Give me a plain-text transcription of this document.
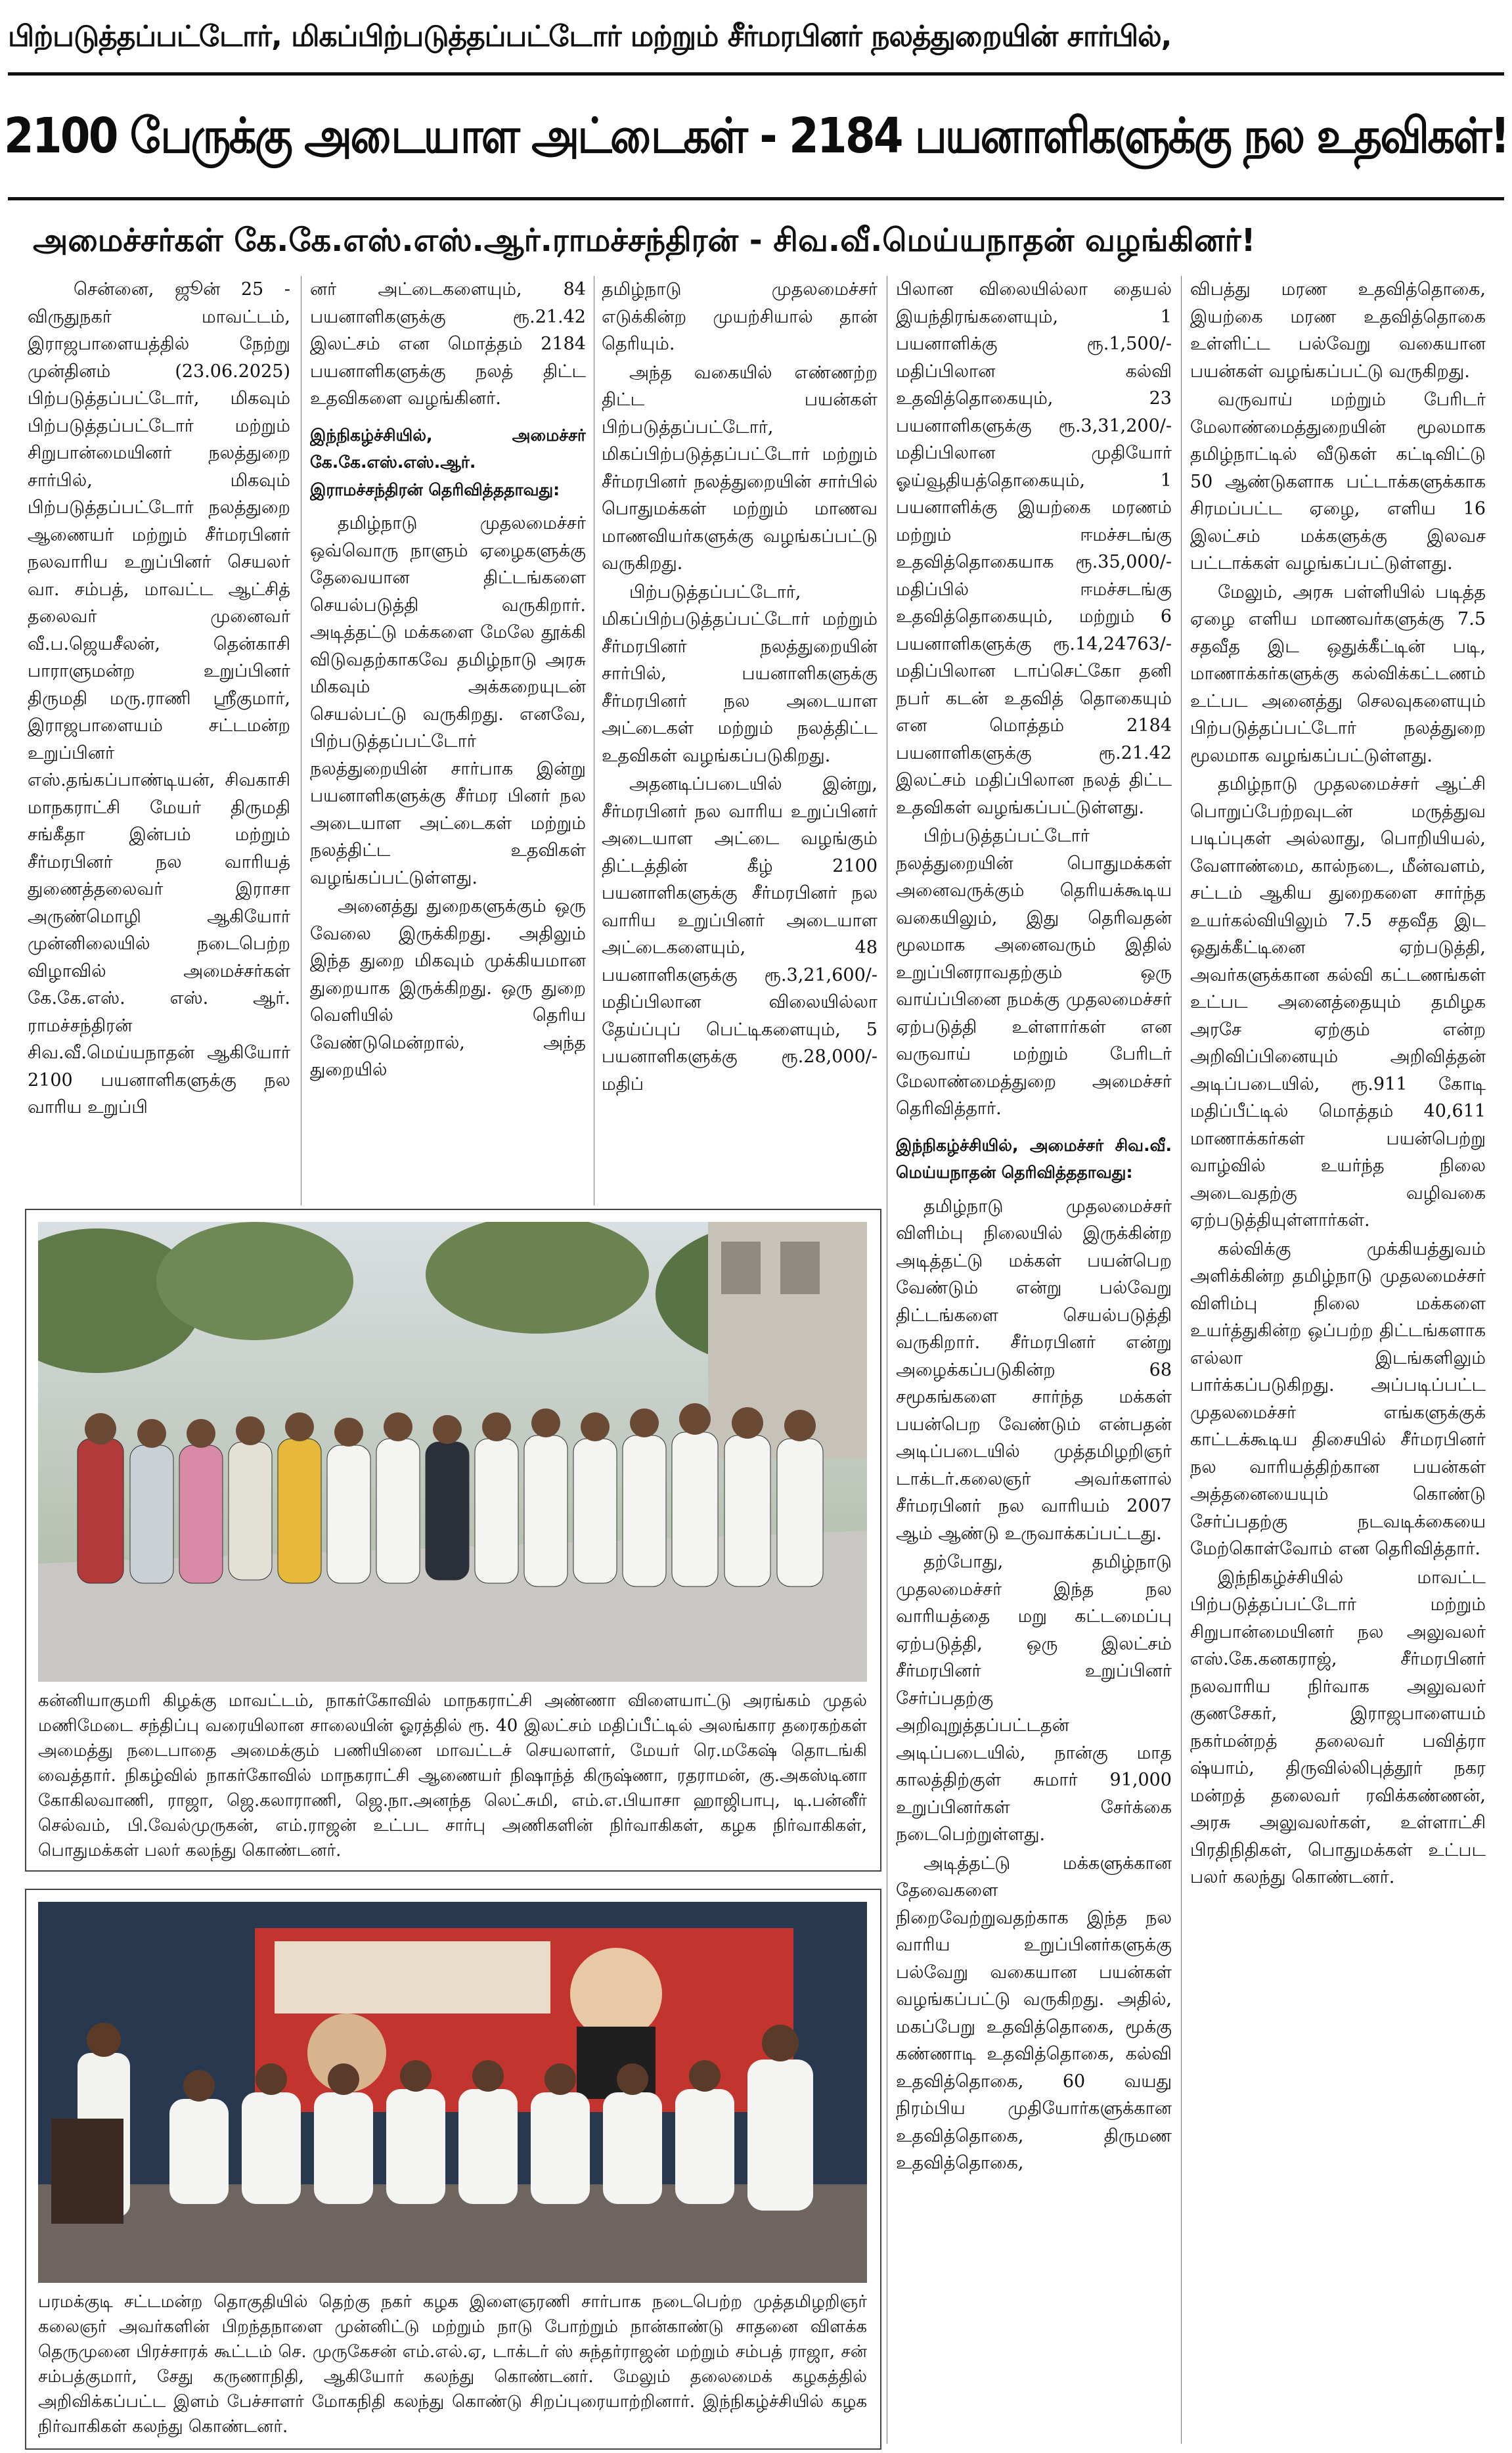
பிற்படுத்தப்பட்டோர், மிகப்பிற்படுத்தப்பட்டோர் மற்றும் சீர்மரபினர் நலத்துறையின் சார்பில்,
2100 பேருக்கு அடையாள அட்டைகள் - 2184 பயனாளிகளுக்கு நல உதவிகள்!
அமைச்சர்கள் கே.கே.எஸ்.எஸ்.ஆர்.ராமச்சந்திரன் - சிவ.வீ.மெய்யநாதன் வழங்கினர்!

சென்னை, ஜூன் 25 - விருதுநகர் மாவட்டம், இராஜபாளையத்தில் நேற்று முன்தினம் (23.06.2025) பிற்படுத்தப்பட்டோர், மிகவும் பிற்படுத்தப்பட்டோர் மற்றும் சிறுபான்மையினர் நலத்துறை சார்பில், மிகவும் பிற்படுத்தப்பட்டோர் நலத்துறை ஆணையர் மற்றும் சீர்மரபினர் நலவாரிய உறுப்பினர் செயலர் வா. சம்பத், மாவட்ட ஆட்சித் தலைவர் முனைவர் வீ.ப.ஜெயசீலன், தென்காசி பாராளுமன்ற உறுப்பினர் திருமதி மரு.ராணி ஸ்ரீகுமார், இராஜபாளையம் சட்டமன்ற உறுப்பினர் எஸ்.தங்கப்பாண்டியன், சிவகாசி மாநகராட்சி மேயர் திருமதி சங்கீதா இன்பம் மற்றும் சீர்மரபினர் நல வாரியத் துணைத்தலைவர் இராசா அருண்மொழி ஆகியோர் முன்னிலையில் நடைபெற்ற விழாவில் அமைச்சர்கள் கே.கே.எஸ். எஸ். ஆர். ராமச்சந்திரன் சிவ.வீ.மெய்யநாதன் ஆகியோர் 2100 பயனாளிகளுக்கு நல வாரிய உறுப்பி

னர் அட்டைகளையும், 84 பயனாளிகளுக்கு ரூ.21.42 இலட்சம் என மொத்தம் 2184 பயனாளிகளுக்கு நலத் திட்ட உதவிகளை வழங்கினர்.

இந்நிகழ்ச்சியில், அமைச்சர் கே.கே.எஸ்.எஸ்.ஆர். இராமச்சந்திரன் தெரிவித்ததாவது:

தமிழ்நாடு முதலமைச்சர் ஒவ்வொரு நாளும் ஏழைகளுக்கு தேவையான திட்டங்களை செயல்படுத்தி வருகிறார். அடித்தட்டு மக்களை மேலே தூக்கி விடுவதற்காகவே தமிழ்நாடு அரசு மிகவும் அக்கறையுடன் செயல்பட்டு வருகிறது. எனவே, பிற்படுத்தப்பட்டோர் நலத்துறையின் சார்பாக இன்று பயனாளிகளுக்கு சீர்மர பினர் நல அடையாள அட்டைகள் மற்றும் நலத்திட்ட உதவிகள் வழங்கப்பட்டுள்ளது.

அனைத்து துறைகளுக்கும் ஒரு வேலை இருக்கிறது. அதிலும் இந்த துறை மிகவும் முக்கியமான துறையாக இருக்கிறது. ஒரு துறை வெளியில் தெரிய வேண்டுமென்றால், அந்த துறையில்

தமிழ்நாடு முதலமைச்சர் எடுக்கின்ற முயற்சியால் தான் தெரியும்.

அந்த வகையில் எண்ணற்ற திட்ட பயன்கள் பிற்படுத்தப்பட்டோர், மிகப்பிற்படுத்தப்பட்டோர் மற்றும் சீர்மரபினர் நலத்துறையின் சார்பில் பொதுமக்கள் மற்றும் மாணவ மாணவியர்களுக்கு வழங்கப்பட்டு வருகிறது.

பிற்படுத்தப்பட்டோர், மிகப்பிற்படுத்தப்பட்டோர் மற்றும் சீர்மரபினர் நலத்துறையின் சார்பில், பயனாளிகளுக்கு சீர்மரபினர் நல அடையாள அட்டைகள் மற்றும் நலத்திட்ட உதவிகள் வழங்கப்படுகிறது.

அதனடிப்படையில் இன்று, சீர்மரபினர் நல வாரிய உறுப்பினர் அடையாள அட்டை வழங்கும் திட்டத்தின் கீழ் 2100 பயனாளிகளுக்கு சீர்மரபினர் நல வாரிய உறுப்பினர் அடையாள அட்டைகளையும், 48 பயனாளிகளுக்கு ரூ.3,21,600/- மதிப்பிலான விலையில்லா தேய்ப்புப் பெட்டிகளையும், 5 பயனாளிகளுக்கு ரூ.28,000/- மதிப்

பிலான விலையில்லா தையல் இயந்திரங்களையும், 1 பயனாளிக்கு ரூ.1,500/- மதிப்பிலான கல்வி உதவித்தொகையும், 23 பயனாளிகளுக்கு ரூ.3,31,200/- மதிப்பிலான முதியோர் ஓய்வூதியத்தொகையும், 1 பயனாளிக்கு இயற்கை மரணம் மற்றும் ஈமச்சடங்கு உதவித்தொகையாக ரூ.35,000/- மதிப்பில் ஈமச்சடங்கு உதவித்தொகையும், மற்றும் 6 பயனாளிகளுக்கு ரூ.14,24763/- மதிப்பிலான டாப்செட்கோ தனி நபர் கடன் உதவித் தொகையும் என மொத்தம் 2184 பயனாளிகளுக்கு ரூ.21.42 இலட்சம் மதிப்பிலான நலத் திட்ட உதவிகள் வழங்கப்பட்டுள்ளது.

பிற்படுத்தப்பட்டோர் நலத்துறையின் பொதுமக்கள் அனைவருக்கும் தெரியக்கூடிய வகையிலும், இது தெரிவதன் மூலமாக அனைவரும் இதில் உறுப்பினராவதற்கும் ஒரு வாய்ப்பினை நமக்கு முதலமைச்சர் ஏற்படுத்தி உள்ளார்கள் என வருவாய் மற்றும் பேரிடர் மேலாண்மைத்துறை அமைச்சர் தெரிவித்தார்.

இந்நிகழ்ச்சியில், அமைச்சர் சிவ.வீ. மெய்யநாதன் தெரிவித்ததாவது:

தமிழ்நாடு முதலமைச்சர் விளிம்பு நிலையில் இருக்கின்ற அடித்தட்டு மக்கள் பயன்பெற வேண்டும் என்று பல்வேறு திட்டங்களை செயல்படுத்தி வருகிறார். சீர்மரபினர் என்று அழைக்கப்படுகின்ற 68 சமூகங்களை சார்ந்த மக்கள் பயன்பெற வேண்டும் என்பதன் அடிப்படையில் முத்தமிழறிஞர் டாக்டர்.கலைஞர் அவர்களால் சீர்மரபினர் நல வாரியம் 2007 ஆம் ஆண்டு உருவாக்கப்பட்டது.

தற்போது, தமிழ்நாடு முதலமைச்சர் இந்த நல வாரியத்தை மறு கட்டமைப்பு ஏற்படுத்தி, ஒரு இலட்சம் சீர்மரபினர் உறுப்பினர் சேர்ப்பதற்கு அறிவுறுத்தப்பட்டதன் அடிப்படையில், நான்கு மாத காலத்திற்குள் சுமார் 91,000 உறுப்பினர்கள் சேர்க்கை நடைபெற்றுள்ளது.

அடித்தட்டு மக்களுக்கான தேவைகளை நிறைவேற்றுவதற்காக இந்த நல வாரிய உறுப்பினர்களுக்கு பல்வேறு வகையான பயன்கள் வழங்கப்பட்டு வருகிறது. அதில், மகப்பேறு உதவித்தொகை, மூக்கு கண்ணாடி உதவித்தொகை, கல்வி உதவித்தொகை, 60 வயது நிரம்பிய முதியோர்களுக்கான உதவித்தொகை, திருமண உதவித்தொகை,

விபத்து மரண உதவித்தொகை, இயற்கை மரண உதவித்தொகை உள்ளிட்ட பல்வேறு வகையான பயன்கள் வழங்கப்பட்டு வருகிறது.

வருவாய் மற்றும் பேரிடர் மேலாண்மைத்துறையின் மூலமாக தமிழ்நாட்டில் வீடுகள் கட்டிவிட்டு 50 ஆண்டுகளாக பட்டாக்களுக்காக சிரமப்பட்ட ஏழை, எளிய 16 இலட்சம் மக்களுக்கு இலவச பட்டாக்கள் வழங்கப்பட்டுள்ளது.

மேலும், அரசு பள்ளியில் படித்த ஏழை எளிய மாணவர்களுக்கு 7.5 சதவீத இட ஒதுக்கீட்டின் படி, மாணாக்கர்களுக்கு கல்விக்கட்டணம் உட்பட அனைத்து செலவுகளையும் பிற்படுத்தப்பட்டோர் நலத்துறை மூலமாக வழங்கப்பட்டுள்ளது.

தமிழ்நாடு முதலமைச்சர் ஆட்சி பொறுப்பேற்றவுடன் மருத்துவ படிப்புகள் அல்லாது, பொறியியல், வேளாண்மை, கால்நடை, மீன்வளம், சட்டம் ஆகிய துறைகளை சார்ந்த உயர்கல்வியிலும் 7.5 சதவீத இட ஒதுக்கீட்டினை ஏற்படுத்தி, அவர்களுக்கான கல்வி கட்டணங்கள் உட்பட அனைத்தையும் தமிழக அரசே ஏற்கும் என்ற அறிவிப்பினையும் அறிவித்தன் அடிப்படையில், ரூ.911 கோடி மதிப்பீட்டில் மொத்தம் 40,611 மாணாக்கர்கள் பயன்பெற்று வாழ்வில் உயர்ந்த நிலை அடைவதற்கு வழிவகை ஏற்படுத்தியுள்ளார்கள்.

கல்விக்கு முக்கியத்துவம் அளிக்கின்ற தமிழ்நாடு முதலமைச்சர் விளிம்பு நிலை மக்களை உயர்த்துகின்ற ஒப்பற்ற திட்டங்களாக எல்லா இடங்களிலும் பார்க்கப்படுகிறது. அப்படிப்பட்ட முதலமைச்சர் எங்களுக்குக் காட்டக்கூடிய திசையில் சீர்மரபினர் நல வாரியத்திற்கான பயன்கள் அத்தனையையும் கொண்டு சேர்ப்பதற்கு நடவடிக்கையை மேற்கொள்வோம் என தெரிவித்தார்.

இந்நிகழ்ச்சியில் மாவட்ட பிற்படுத்தப்பட்டோர் மற்றும் சிறுபான்மையினர் நல அலுவலர் எஸ்.கே.கனகராஜ், சீர்மரபினர் நலவாரிய நிர்வாக அலுவலர் குணசேகர், இராஜபாளையம் நகர்மன்றத் தலைவர் பவித்ரா ஷ்யாம், திருவில்லிபுத்தூர் நகர மன்றத் தலைவர் ரவிக்கண்ணன், அரசு அலுவலர்கள், உள்ளாட்சி பிரதிநிதிகள், பொதுமக்கள் உட்பட பலர் கலந்து கொண்டனர்.

கன்னியாகுமரி கிழக்கு மாவட்டம், நாகர்கோவில் மாநகராட்சி அண்ணா விளையாட்டு அரங்கம் முதல் மணிமேடை சந்திப்பு வரையிலான சாலையின் ஓரத்தில் ரூ. 40 இலட்சம் மதிப்பீட்டில் அலங்கார தரைகற்கள் அமைத்து நடைபாதை அமைக்கும் பணியினை மாவட்டச் செயலாளர், மேயர் ரெ.மகேஷ் தொடங்கி வைத்தார். நிகழ்வில் நாகர்கோவில் மாநகராட்சி ஆணையர் நிஷாந்த் கிருஷ்ணா, ரதராமன், கு.அகஸ்டினா கோகிலவாணி, ராஜா, ஜெ.கலாராணி, ஜெ.நா.அனந்த லெட்சுமி, எம்.எ.பியாசா ஹாஜிபாபு, டி.பன்னீர் செல்வம், பி.வேல்முருகன், எம்.ராஜன் உட்பட சார்பு அணிகளின் நிர்வாகிகள், கழக நிர்வாகிகள், பொதுமக்கள் பலர் கலந்து கொண்டனர்.
பரமக்குடி சட்டமன்ற தொகுதியில் தெற்கு நகர் கழக இளைஞரணி சார்பாக நடைபெற்ற முத்தமிழறிஞர் கலைஞர் அவர்களின் பிறந்தநாளை முன்னிட்டு மற்றும் நாடு போற்றும் நான்காண்டு சாதனை விளக்க தெருமுனை பிரச்சாரக் கூட்டம் செ. முருகேசன் எம்.எல்.ஏ, டாக்டர் ஸ் சுந்தர்ராஜன் மற்றும் சம்பத் ராஜா, சன் சம்பத்குமார், சேது கருணாநிதி, ஆகியோர் கலந்து கொண்டனர். மேலும் தலைமைக் கழகத்தில் அறிவிக்கப்பட்ட இளம் பேச்சாளர் மோகநிதி கலந்து கொண்டு சிறப்புரையாற்றினார். இந்நிகழ்ச்சியில் கழக நிர்வாகிகள் கலந்து கொண்டனர்.
